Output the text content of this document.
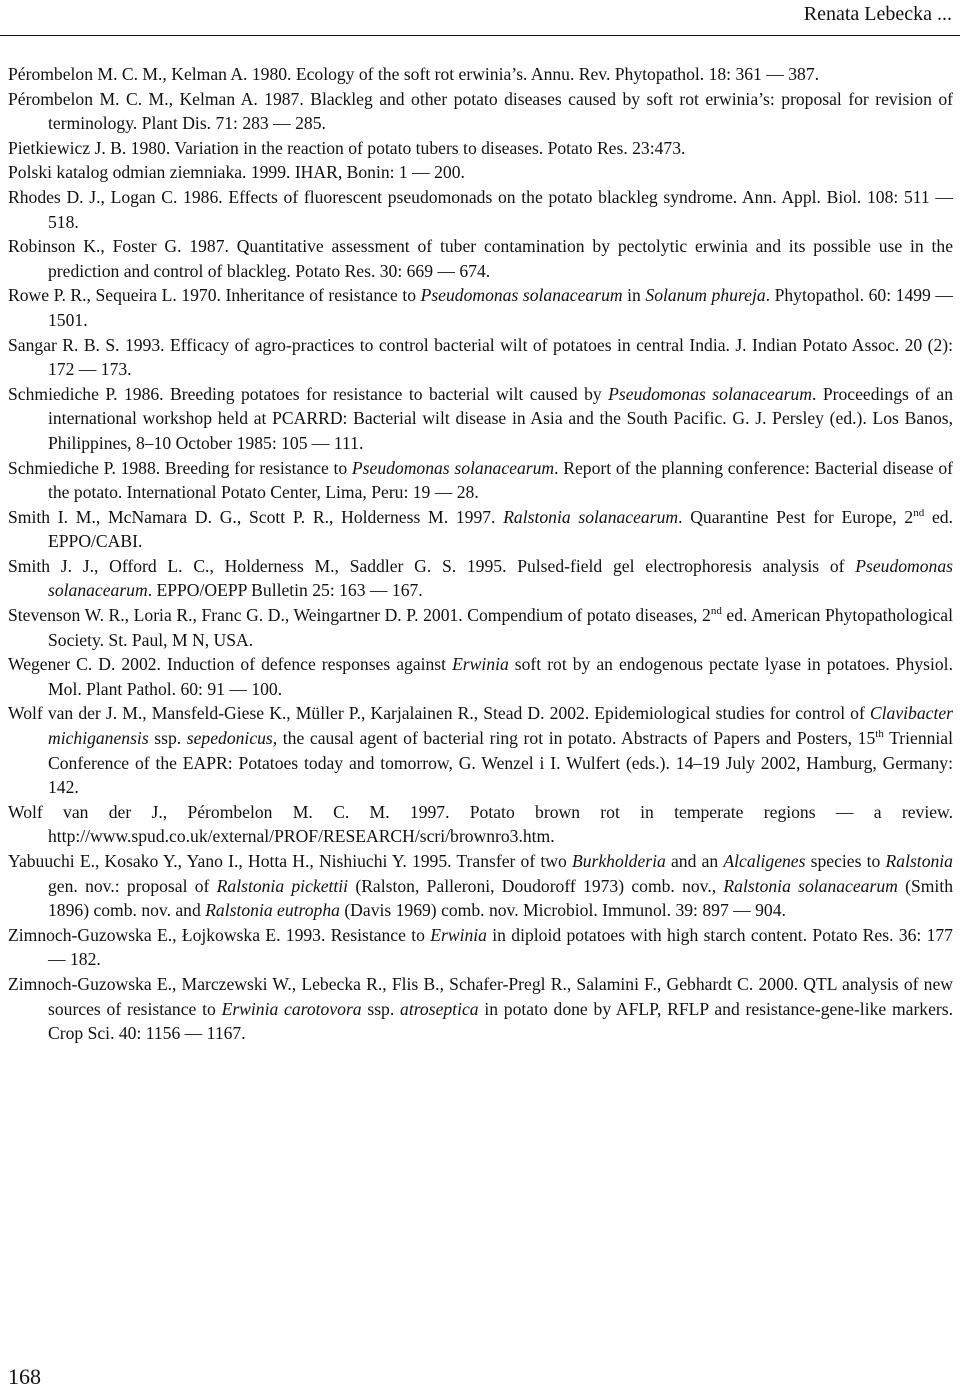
Renata Lebecka ...
Pérombelon M. C. M., Kelman A. 1980. Ecology of the soft rot erwinia’s. Annu. Rev. Phytopathol. 18: 361 — 387.
Pérombelon M. C. M., Kelman A. 1987. Blackleg and other potato diseases caused by soft rot erwinia’s: proposal for revision of terminology. Plant Dis. 71: 283 — 285.
Pietkiewicz J. B. 1980. Variation in the reaction of potato tubers to diseases. Potato Res. 23:473.
Polski katalog odmian ziemniaka. 1999. IHAR, Bonin: 1 — 200.
Rhodes D. J., Logan C. 1986. Effects of fluorescent pseudomonads on the potato blackleg syndrome. Ann. Appl. Biol. 108: 511 — 518.
Robinson K., Foster G. 1987. Quantitative assessment of tuber contamination by pectolytic erwinia and its possible use in the prediction and control of blackleg. Potato Res. 30: 669 — 674.
Rowe P. R., Sequeira L. 1970. Inheritance of resistance to Pseudomonas solanacearum in Solanum phureja. Phytopathol. 60: 1499 — 1501.
Sangar R. B. S. 1993. Efficacy of agro-practices to control bacterial wilt of potatoes in central India. J. Indian Potato Assoc. 20 (2): 172 — 173.
Schmiediche P. 1986. Breeding potatoes for resistance to bacterial wilt caused by Pseudomonas solanacearum. Proceedings of an international workshop held at PCARRD: Bacterial wilt disease in Asia and the South Pacific. G. J. Persley (ed.). Los Banos, Philippines, 8–10 October 1985: 105 — 111.
Schmiediche P. 1988. Breeding for resistance to Pseudomonas solanacearum. Report of the planning conference: Bacterial disease of the potato. International Potato Center, Lima, Peru: 19 — 28.
Smith I. M., McNamara D. G., Scott P. R., Holderness M. 1997. Ralstonia solanacearum. Quarantine Pest for Europe, 2nd ed. EPPO/CABI.
Smith J. J., Offord L. C., Holderness M., Saddler G. S. 1995. Pulsed-field gel electrophoresis analysis of Pseudomonas solanacearum. EPPO/OEPP Bulletin 25: 163 — 167.
Stevenson W. R., Loria R., Franc G. D., Weingartner D. P. 2001. Compendium of potato diseases, 2nd ed. American Phytopathological Society. St. Paul, M N, USA.
Wegener C. D. 2002. Induction of defence responses against Erwinia soft rot by an endogenous pectate lyase in potatoes. Physiol. Mol. Plant Pathol. 60: 91 — 100.
Wolf van der J. M., Mansfeld-Giese K., Müller P., Karjalainen R., Stead D. 2002. Epidemiological studies for control of Clavibacter michiganensis ssp. sepedonicus, the causal agent of bacterial ring rot in potato. Abstracts of Papers and Posters, 15th Triennial Conference of the EAPR: Potatoes today and tomorrow, G. Wenzel i I. Wulfert (eds.). 14–19 July 2002, Hamburg, Germany: 142.
Wolf van der J., Pérombelon M. C. M. 1997. Potato brown rot in temperate regions — a review. http://www.spud.co.uk/external/PROF/RESEARCH/scri/brownro3.htm.
Yabuuchi E., Kosako Y., Yano I., Hotta H., Nishiuchi Y. 1995. Transfer of two Burkholderia and an Alcaligenes species to Ralstonia gen. nov.: proposal of Ralstonia pickettii (Ralston, Palleroni, Doudoroff 1973) comb. nov., Ralstonia solanacearum (Smith 1896) comb. nov. and Ralstonia eutropha (Davis 1969) comb. nov. Microbiol. Immunol. 39: 897 — 904.
Zimnoch-Guzowska E., Łojkowska E. 1993. Resistance to Erwinia in diploid potatoes with high starch content. Potato Res. 36: 177 — 182.
Zimnoch-Guzowska E., Marczewski W., Lebecka R., Flis B., Schafer-Pregl R., Salamini F., Gebhardt C. 2000. QTL analysis of new sources of resistance to Erwinia carotovora ssp. atroseptica in potato done by AFLP, RFLP and resistance-gene-like markers. Crop Sci. 40: 1156 — 1167.
168
